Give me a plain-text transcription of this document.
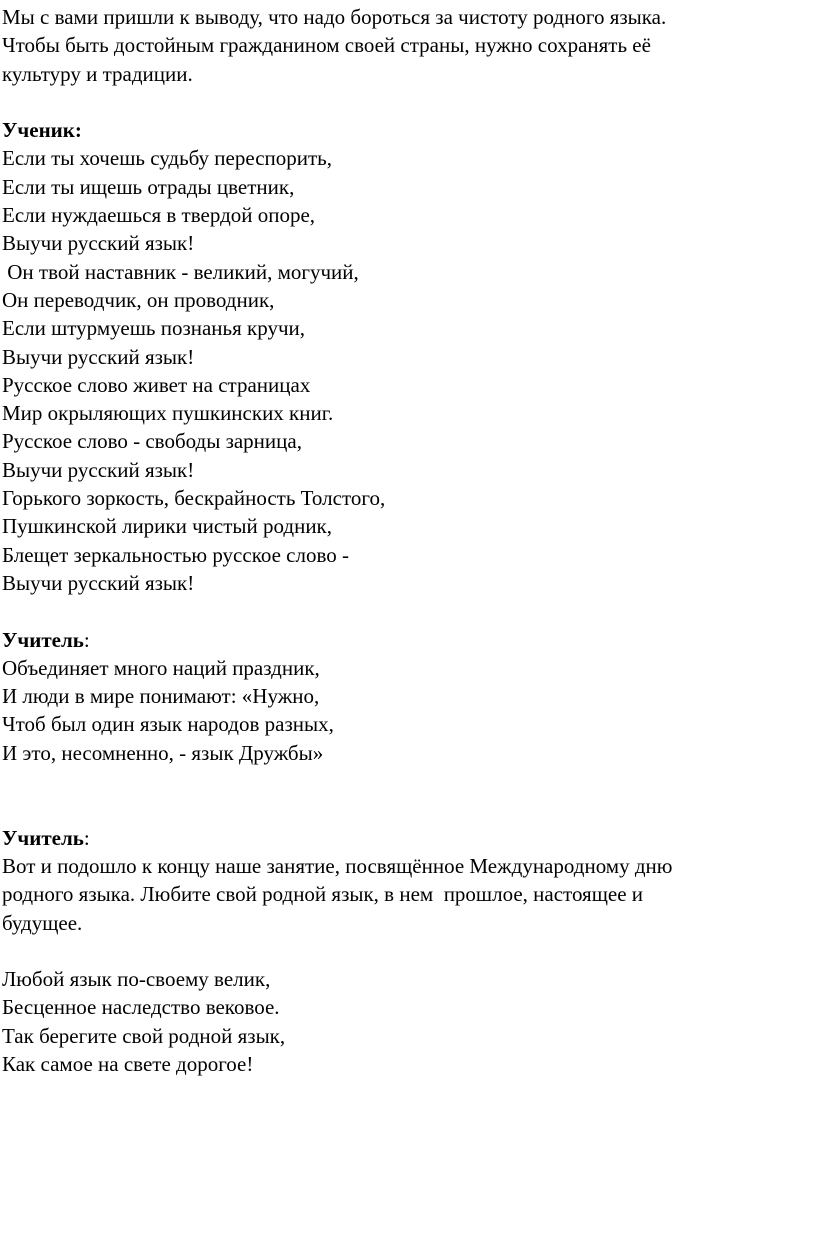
Мы с вами пришли к выводу, что надо бороться за чистоту родного языка.
Чтобы быть достойным гражданином своей страны, нужно сохранять её
культуру и традиции.
Ученик:
Если ты хочешь судьбу переспорить,
Если ты ищешь отрады цветник,
Если нуждаешься в твердой опоре,
Выучи русский язык!
Он твой наставник - великий, могучий,
Он переводчик, он проводник,
Если штурмуешь познанья кручи,
Выучи русский язык!
Русское слово живет на страницах
Мир окрыляющих пушкинских книг.
Русское слово - свободы зарница,
Выучи русский язык!
Горького зоркость, бескрайность Толстого,
Пушкинской лирики чистый родник,
Блещет зеркальностью русское слово -
Выучи русский язык!
Учитель:
Объединяет много наций праздник,
И люди в мире понимают: «Нужно,
Чтоб был один язык народов разных,
И это, несомненно, - язык Дружбы»
Учитель:
Вот и подошло к концу наше занятие, посвящённое Международному дню
родного языка. Любите свой родной язык, в нем  прошлое, настоящее и
будущее.
Любой язык по-своему велик,
Бесценное наследство вековое.
Так берегите свой родной язык,
Как самое на свете дорогое!
